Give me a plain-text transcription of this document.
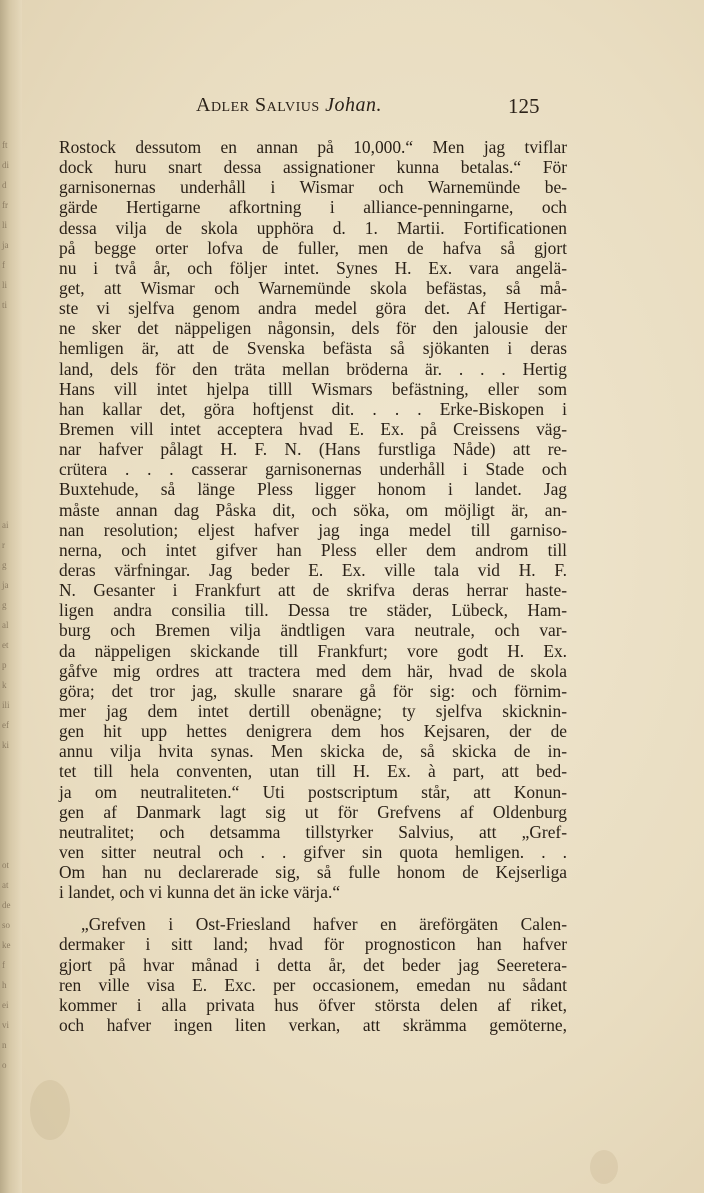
ft

di

d

fr

li

ja

f

li

ti
ai

r

g

ja

g

al

et

p

k

ili

ef

ki
ot

at

de

so

ke

f

h

ei

vi

n

o
Adler Salvius Johan.	125
Rostock dessutom en annan på 10,000.“ Men jag tviflar
dock huru snart dessa assignationer kunna betalas.“ För
garnisonernas underhåll i Wismar och Warnemünde be-
gärde Hertigarne afkortning i alliance-penningarne, och
dessa vilja de skola upphöra d. 1. Martii. Fortificationen
på begge orter lofva de fuller, men de hafva så gjort
nu i två år, och följer intet. Synes H. Ex. vara angelä-
get, att Wismar och Warnemünde skola befästas, så må-
ste vi sjelfva genom andra medel göra det. Af Hertigar-
ne sker det näppeligen någonsin, dels för den jalousie der
hemligen är, att de Svenska befästa så sjökanten i deras
land, dels för den träta mellan bröderna är. . . . Hertig
Hans vill intet hjelpa tilll Wismars befästning, eller som
han kallar det, göra hoftjenst dit. . . . Erke-Biskopen i
Bremen vill intet acceptera hvad E. Ex. på Creissens väg-
nar hafver pålagt H. F. N. (Hans furstliga Nåde) att re-
crütera . . . casserar garnisonernas underhåll i Stade och
Buxtehude, så länge Pless ligger honom i landet. Jag
måste annan dag Påska dit, och söka, om möjligt är, an-
nan resolution; eljest hafver jag inga medel till garniso-
nerna, och intet gifver han Pless eller dem androm till
deras värfningar. Jag beder E. Ex. ville tala vid H. F.
N. Gesanter i Frankfurt att de skrifva deras herrar haste-
ligen andra consilia till. Dessa tre städer, Lübeck, Ham-
burg och Bremen vilja ändtligen vara neutrale, och var-
da näppeligen skickande till Frankfurt; vore godt H. Ex.
gåfve mig ordres att tractera med dem här, hvad de skola
göra; det tror jag, skulle snarare gå för sig: och förnim-
mer jag dem intet dertill obenägne; ty sjelfva skicknin-
gen hit upp hettes denigrera dem hos Kejsaren, der de
annu vilja hvita synas. Men skicka de, så skicka de in-
tet till hela conventen, utan till H. Ex. à part, att bed-
ja om neutraliteten.“ Uti postscriptum står, att Konun-
gen af Danmark lagt sig ut för Grefvens af Oldenburg
neutralitet; och detsamma tillstyrker Salvius, att „Gref-
ven sitter neutral och . . gifver sin quota hemligen. . .
Om han nu declarerade sig, så fulle honom de Kejserliga
i landet, och vi kunna det än icke värja.“
„Grefven i Ost-Friesland hafver en äreförgäten Calen-
dermaker i sitt land; hvad för prognosticon han hafver
gjort på hvar månad i detta år, det beder jag Seeretera-
ren ville visa E. Exc. per occasionem, emedan nu sådant
kommer i alla privata hus öfver största delen af riket,
och hafver ingen liten verkan, att skrämma gemöterne,
